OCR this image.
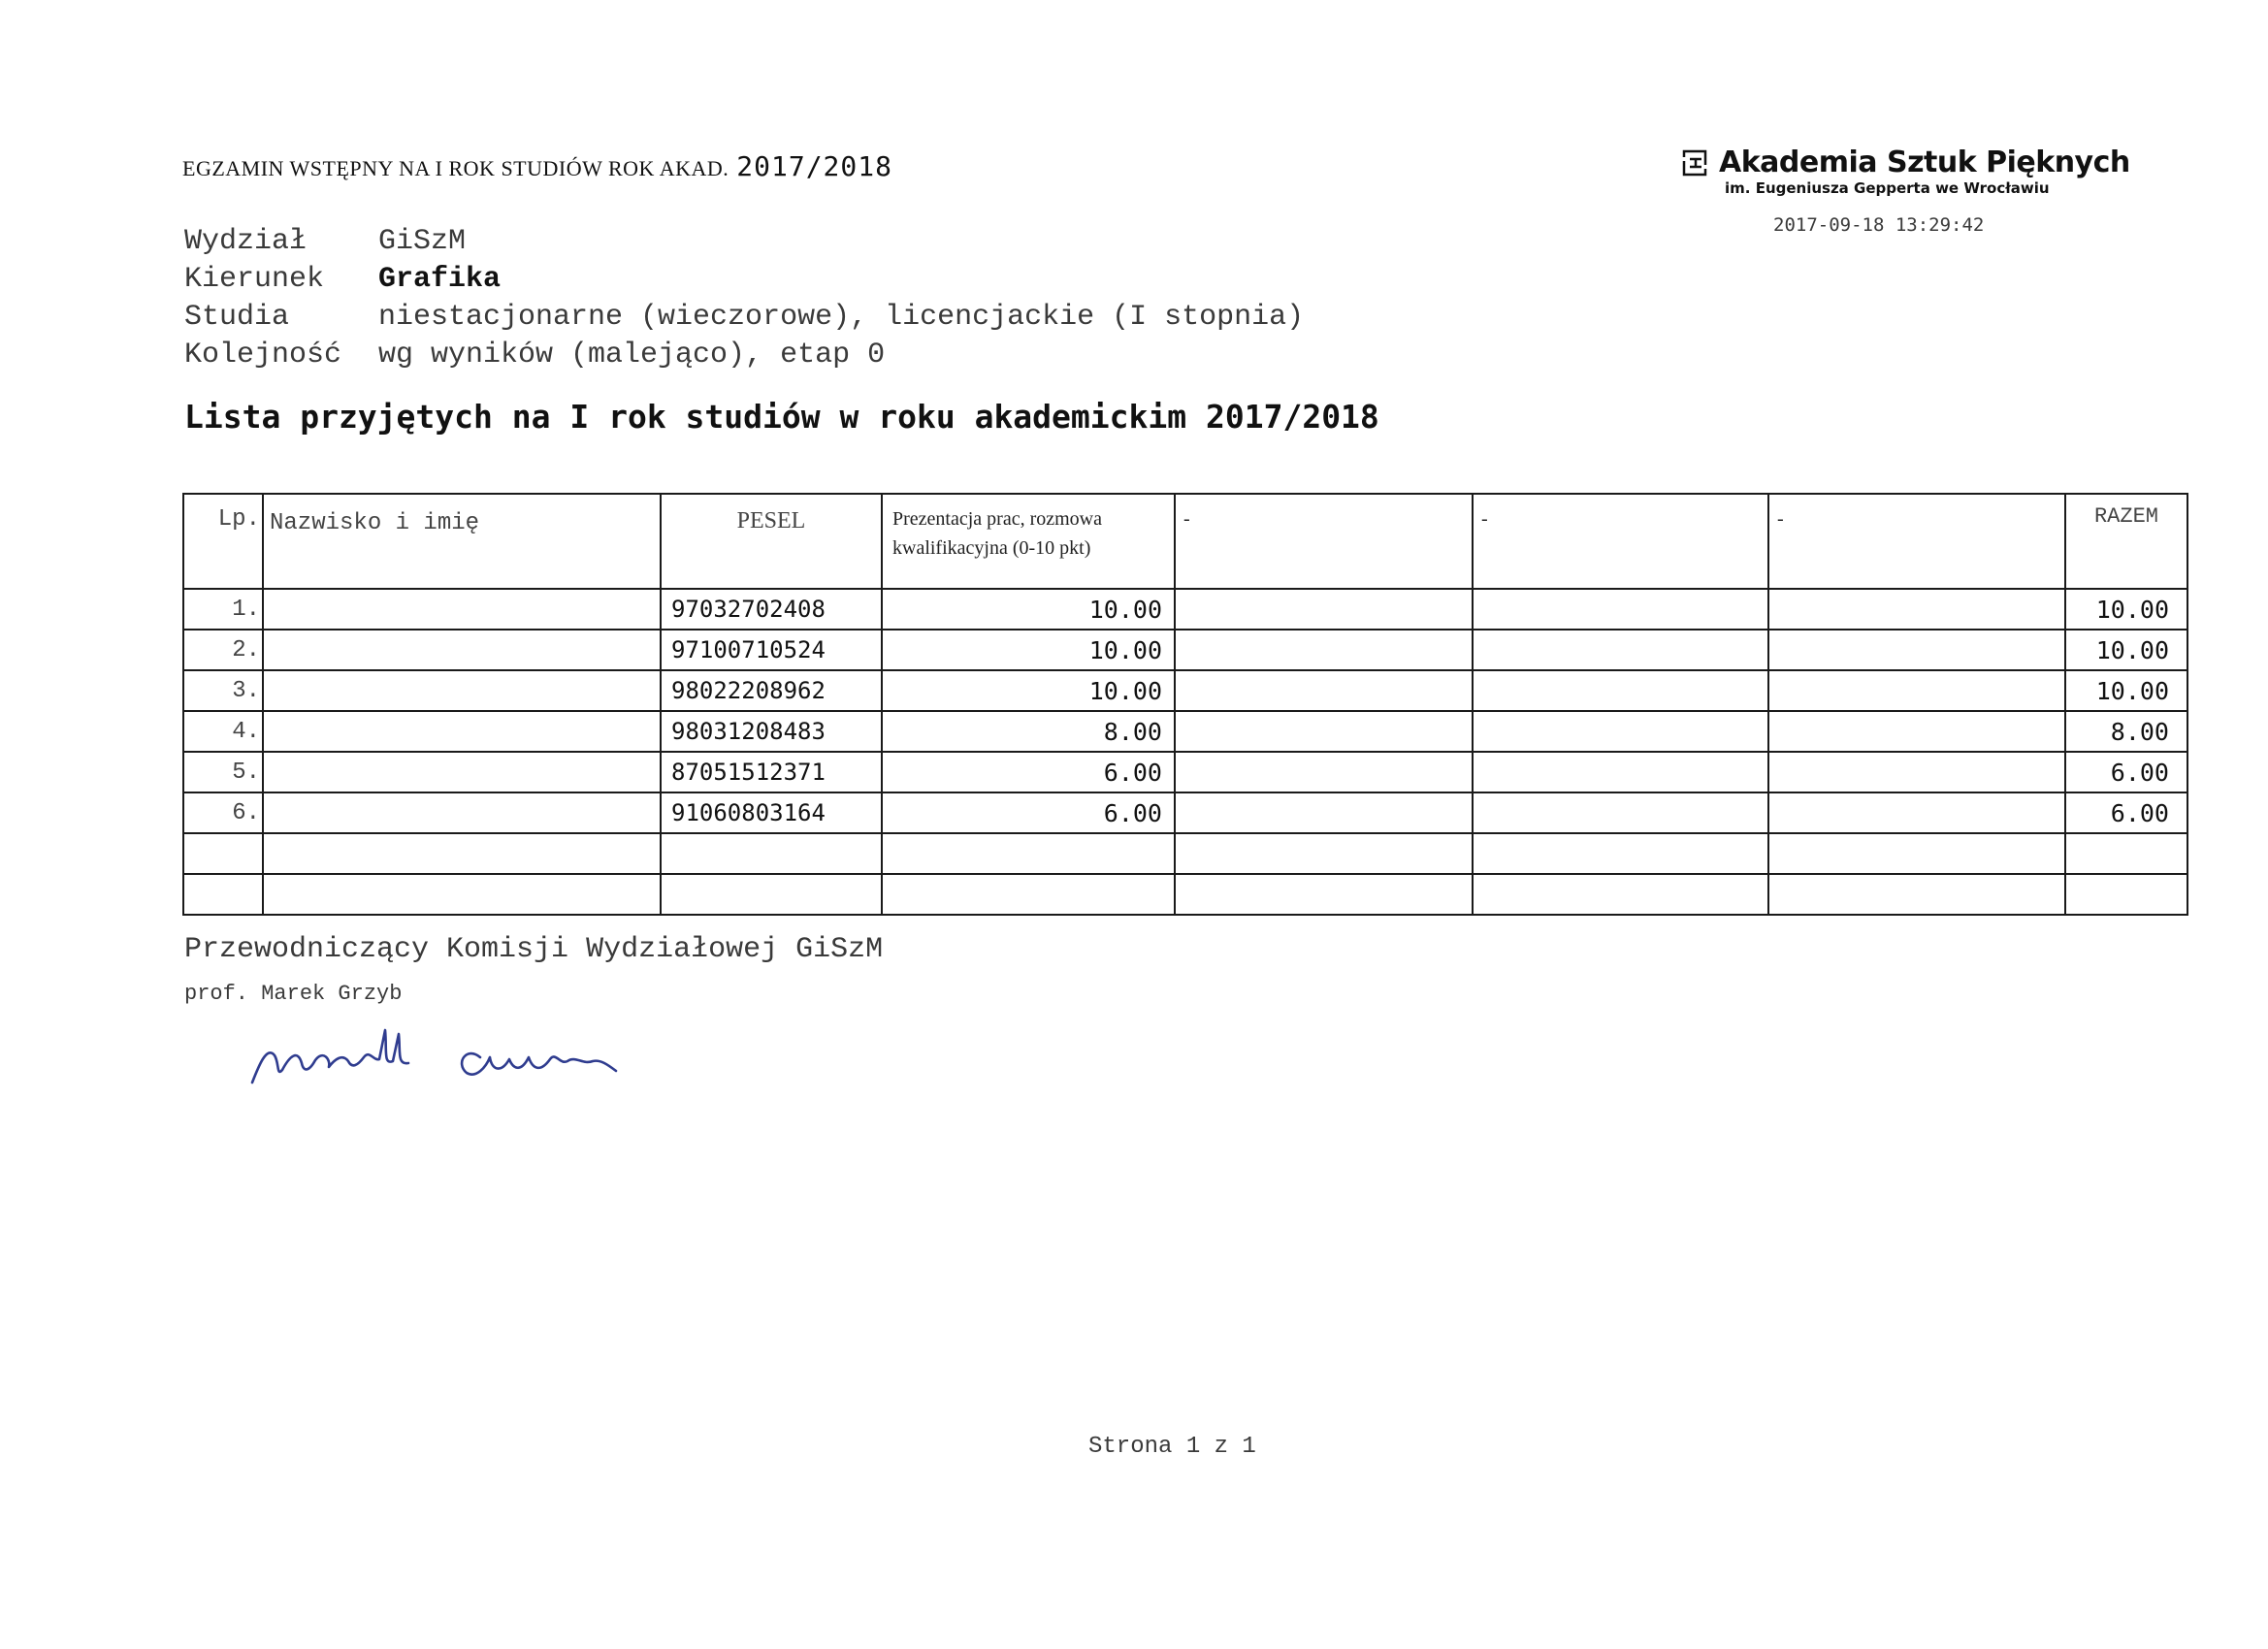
EGZAMIN WSTĘPNY NA I ROK STUDIÓW ROK AKAD. 2017/2018	Akademia Sztuk Pięknych
im. Eugeniusza Gepperta we Wrocławiu
2017-09-18 13:29:42
Wydział	GiSzM
Kierunek	Grafika
Studia	niestacjonarne (wieczorowe), licencjackie (I stopnia)
Kolejność	wg wyników (malejąco), etap 0
Lista przyjętych na I rok studiów w roku akademickim 2017/2018
Lp.	Nazwisko i imię	PESEL	Prezentacja prac, rozmowa
kwalifikacyjna (0-10 pkt)	-	-	-	RAZEM
1.		97032702408	10.00				10.00
2.		97100710524	10.00				10.00
3.		98022208962	10.00				10.00
4.		98031208483	8.00				8.00
5.		87051512371	6.00				6.00
6.		91060803164	6.00				6.00

Przewodniczący Komisji Wydziałowej GiSzM
prof. Marek Grzyb
Strona 1 z 1
